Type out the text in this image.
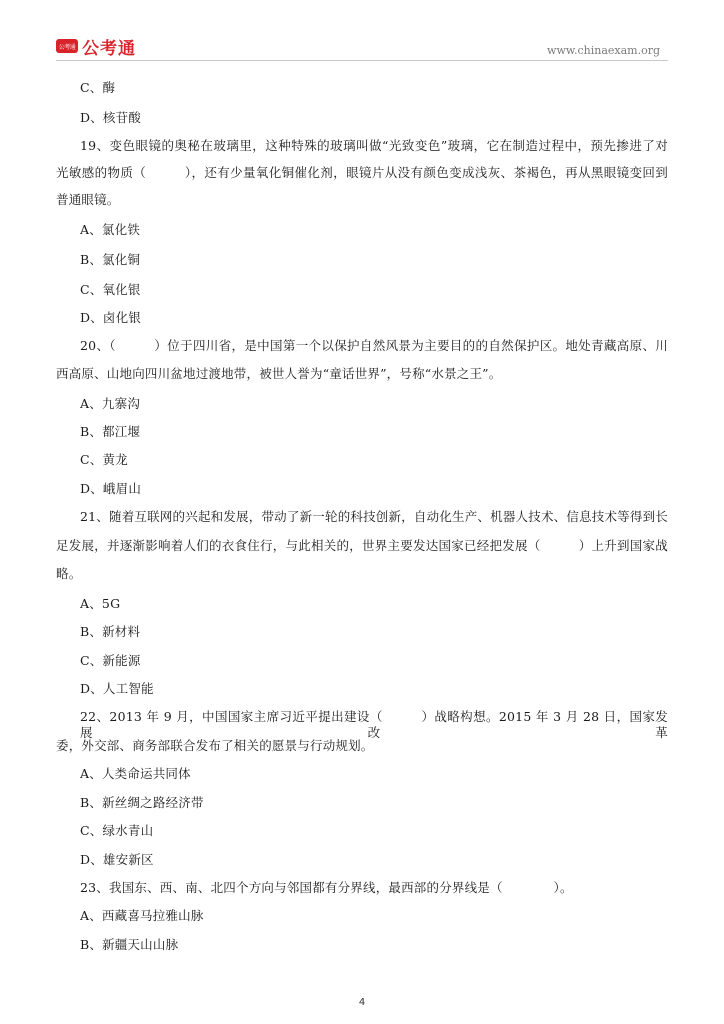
公考通 公考通	www.chinaexam.org
C、酶
D、核苷酸
19、变色眼镜的奥秘在玻璃里，这种特殊的玻璃叫做“光致变色”玻璃，它在制造过程中，预先掺进了对
光敏感的物质（　　　），还有少量氧化铜催化剂，眼镜片从没有颜色变成浅灰、茶褐色，再从黑眼镜变回到
普通眼镜。
A、氯化铁
B、氯化铜
C、氧化银
D、卤化银
20、（　　　）位于四川省，是中国第一个以保护自然风景为主要目的的自然保护区。地处青藏高原、川
西高原、山地向四川盆地过渡地带，被世人誉为“童话世界”，号称“水景之王”。
A、九寨沟
B、都江堰
C、黄龙
D、峨眉山
21、随着互联网的兴起和发展，带动了新一轮的科技创新，自动化生产、机器人技术、信息技术等得到长
足发展，并逐渐影响着人们的衣食住行，与此相关的，世界主要发达国家已经把发展（　　　）上升到国家战
略。
A、5G
B、新材料
C、新能源
D、人工智能
22、2013 年 9 月，中国国家主席习近平提出建设（　　　）战略构想。2015 年 3 月 28 日，国家发展改革
委，外交部、商务部联合发布了相关的愿景与行动规划。
A、人类命运共同体
B、新丝绸之路经济带
C、绿水青山
D、雄安新区
23、我国东、西、南、北四个方向与邻国都有分界线，最西部的分界线是（　　　　）。
A、西藏喜马拉雅山脉
B、新疆天山山脉
4
